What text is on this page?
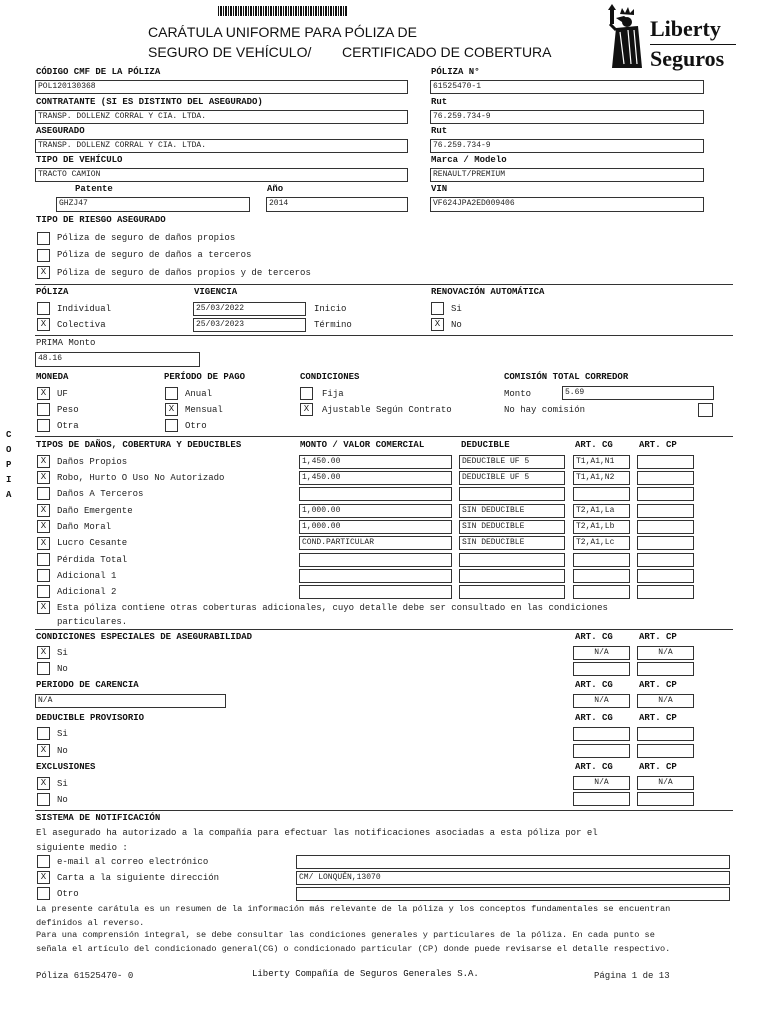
CARÁTULA UNIFORME PARA PÓLIZA DE
SEGURO DE VEHÍCULO/ CERTIFICADO DE COBERTURA
Liberty
Seguros
C
O
P
I
A
CÓDIGO CMF DE LA PÓLIZA
POL120130368
PÓLIZA N°
61525470-1
CONTRATANTE (SI ES DISTINTO DEL ASEGURADO)
TRANSP. DOLLENZ CORRAL Y CIA. LTDA.
Rut
76.259.734-9
ASEGURADO
TRANSP. DOLLENZ CORRAL Y CIA. LTDA.
Rut
76.259.734-9
TIPO DE VEHÍCULO
TRACTO CAMION
Marca / Modelo
RENAULT/PREMIUM
Patente
GHZJ47
Año
2014
VIN
VF624JPA2ED009406
TIPO DE RIESGO ASEGURADO
Póliza de seguro de daños propios
Póliza de seguro de daños a terceros
X	Póliza de seguro de daños propios y de terceros
PÓLIZA
Individual
X	Colectiva
VIGENCIA
25/03/2022	Inicio
25/03/2023	Término
RENOVACIÓN AUTOMÁTICA
Si
X	No
PRIMA Monto
48.16
MONEDA
X	UF
Peso
Otra
PERÍODO DE PAGO
Anual
X	Mensual
Otro
CONDICIONES
Fija
X	Ajustable Según Contrato
COMISIÓN TOTAL CORREDOR
Monto	5.69
No hay comisión
TIPOS DE DAÑOS, COBERTURA Y DEDUCIBLES	MONTO / VALOR COMERCIAL	DEDUCIBLE	ART. CG	ART. CP
X	Daños Propios	1,450.00	DEDUCIBLE UF 5	T1,A1,N1
X	Robo, Hurto O Uso No Autorizado	1,450.00	DEDUCIBLE UF 5	T1,A1,N2
Daños A Terceros
X	Daño Emergente	1,000.00	SIN DEDUCIBLE	T2,A1,La
X	Daño Moral	1,000.00	SIN DEDUCIBLE	T2,A1,Lb
X	Lucro Cesante	COND.PARTICULAR	SIN DEDUCIBLE	T2,A1,Lc
Pérdida Total
Adicional 1
Adicional 2
X	Esta póliza contiene otras coberturas adicionales, cuyo detalle debe ser consultado en las condiciones
particulares.
CONDICIONES ESPECIALES DE ASEGURABILIDAD	ART. CG	ART. CP
X	Si	N/A	N/A
No
PERIODO DE CARENCIA	ART. CG	ART. CP
N/A	N/A	N/A
DEDUCIBLE PROVISORIO	ART. CG	ART. CP
Si
X	No
EXCLUSIONES	ART. CG	ART. CP
X	Si	N/A	N/A
No
SISTEMA DE NOTIFICACIÓN
El asegurado ha autorizado a la compañía para efectuar las notificaciones asociadas a esta póliza por el
siguiente medio :
e-mail al correo electrónico
X	Carta a la siguiente dirección	CM/ LONQUÉN,13070
Otro
La presente carátula es un resumen de la información más relevante de la póliza y los conceptos fundamentales se encuentran
definidos al reverso.
Para una comprensión integral, se debe consultar las condiciones generales y particulares de la póliza. En cada punto se
señala el artículo del condicionado general(CG) o condicionado particular (CP) donde puede revisarse el detalle respectivo.
Póliza 61525470- 0	Liberty Compañía de Seguros Generales S.A.	Página 1 de 13
